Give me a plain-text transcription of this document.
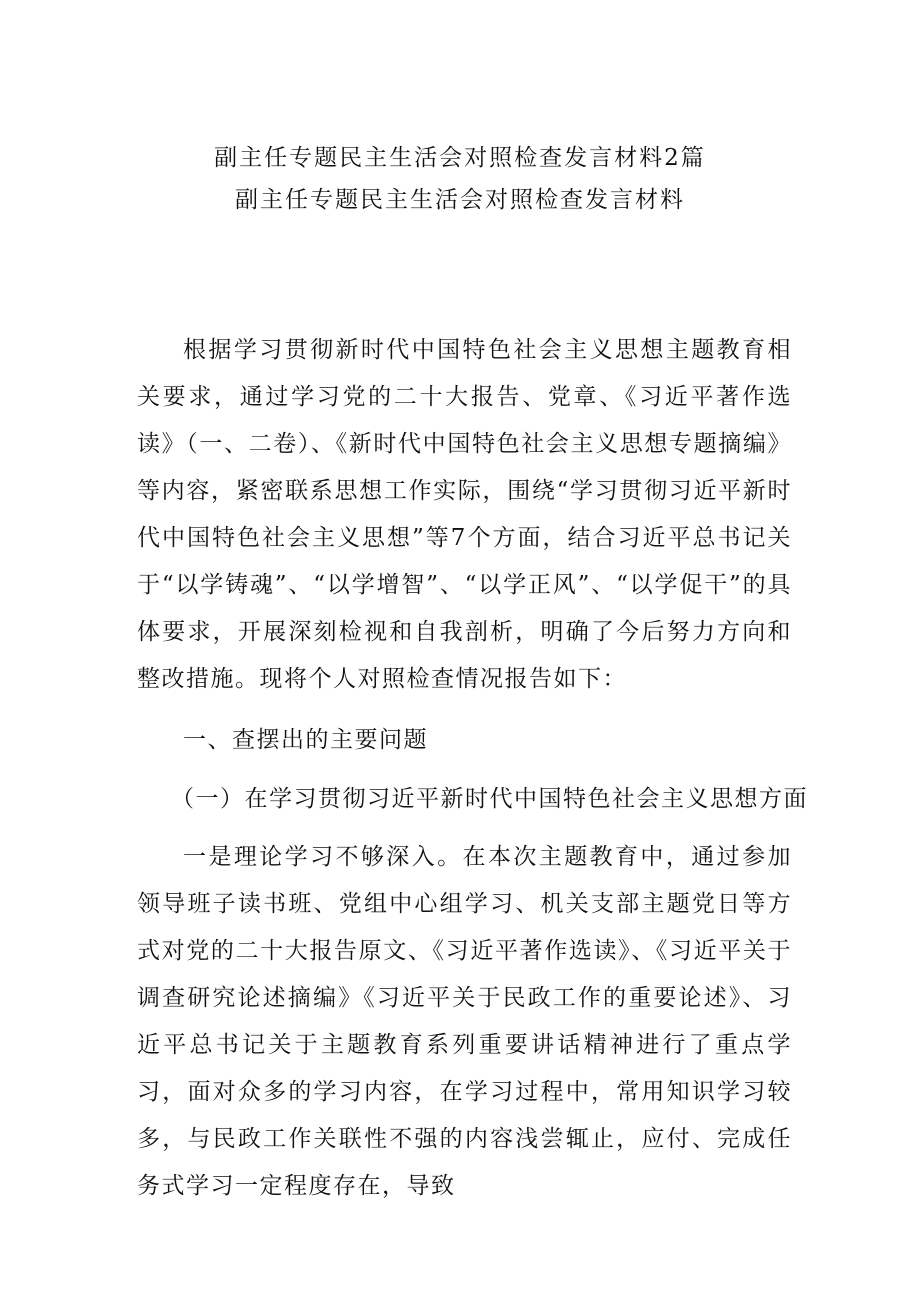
副主任专题民主生活会对照检查发言材料2篇
副主任专题民主生活会对照检查发言材料

根据学习贯彻新时代中国特色社会主义思想主题教育相关要求，通过学习党的二十大报告、党章、《习近平著作选读》（一、二卷）、《新时代中国特色社会主义思想专题摘编》等内容，紧密联系思想工作实际，围绕“学习贯彻习近平新时代中国特色社会主义思想”等7个方面，结合习近平总书记关于“以学铸魂”、“以学增智”、“以学正风”、“以学促干”的具体要求，开展深刻检视和自我剖析，明确了今后努力方向和整改措施。现将个人对照检查情况报告如下：

一、查摆出的主要问题

（一）在学习贯彻习近平新时代中国特色社会主义思想方面

一是理论学习不够深入。在本次主题教育中，通过参加领导班子读书班、党组中心组学习、机关支部主题党日等方式对党的二十大报告原文、《习近平著作选读》、《习近平关于调查研究论述摘编》《习近平关于民政工作的重要论述》、习近平总书记关于主题教育系列重要讲话精神进行了重点学习，面对众多的学习内容，在学习过程中，常用知识学习较多，与民政工作关联性不强的内容浅尝辄止，应付、完成任务式学习一定程度存在，导致
